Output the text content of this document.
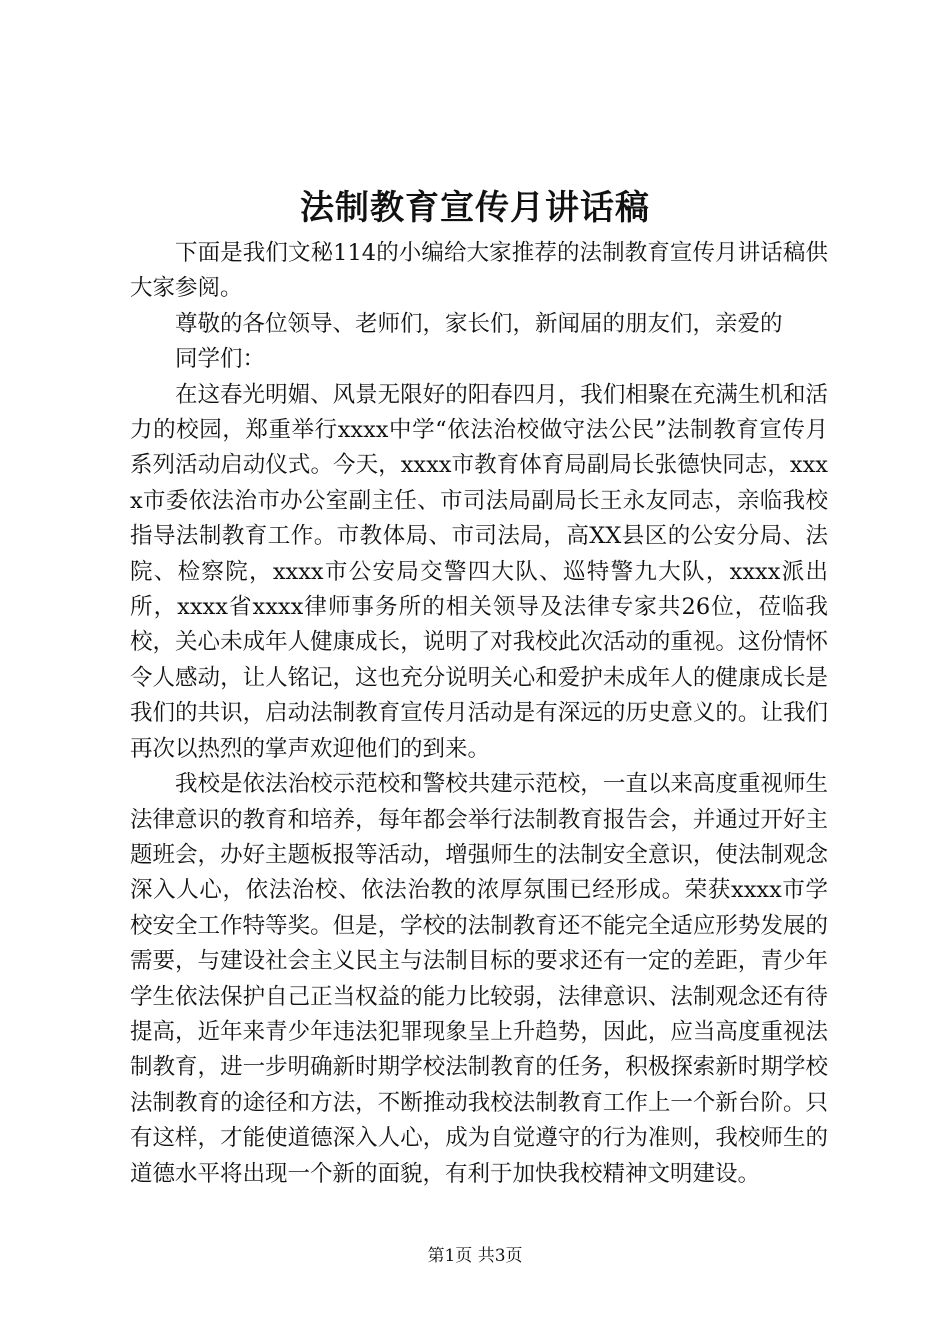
法制教育宣传月讲话稿

下面是我们文秘114的小编给大家推荐的法制教育宣传月讲话稿供大家参阅。

尊敬的各位领导、老师们，家长们，新闻届的朋友们，亲爱的

同学们：

在这春光明媚、风景无限好的阳春四月，我们相聚在充满生机和活力的校园，郑重举行xxxx中学“依法治校做守法公民”法制教育宣传月系列活动启动仪式。今天，xxxx市教育体育局副局长张德快同志，xxxx市委依法治市办公室副主任、市司法局副局长王永友同志，亲临我校指导法制教育工作。市教体局、市司法局，高XX县区的公安分局、法院、检察院，xxxx市公安局交警四大队、巡特警九大队，xxxx派出所，xxxx省xxxx律师事务所的相关领导及法律专家共26位，莅临我校，关心未成年人健康成长，说明了对我校此次活动的重视。这份情怀令人感动，让人铭记，这也充分说明关心和爱护未成年人的健康成长是我们的共识，启动法制教育宣传月活动是有深远的历史意义的。让我们再次以热烈的掌声欢迎他们的到来。

我校是依法治校示范校和警校共建示范校，一直以来高度重视师生法律意识的教育和培养，每年都会举行法制教育报告会，并通过开好主题班会，办好主题板报等活动，增强师生的法制安全意识，使法制观念深入人心，依法治校、依法治教的浓厚氛围已经形成。荣获xxxx市学校安全工作特等奖。但是，学校的法制教育还不能完全适应形势发展的需要，与建设社会主义民主与法制目标的要求还有一定的差距，青少年学生依法保护自己正当权益的能力比较弱，法律意识、法制观念还有待提高，近年来青少年违法犯罪现象呈上升趋势，因此，应当高度重视法制教育，进一步明确新时期学校法制教育的任务，积极探索新时期学校法制教育的途径和方法，不断推动我校法制教育工作上一个新台阶。只有这样，才能使道德深入人心，成为自觉遵守的行为准则，我校师生的道德水平将出现一个新的面貌，有利于加快我校精神文明建设。

第1页 共3页
